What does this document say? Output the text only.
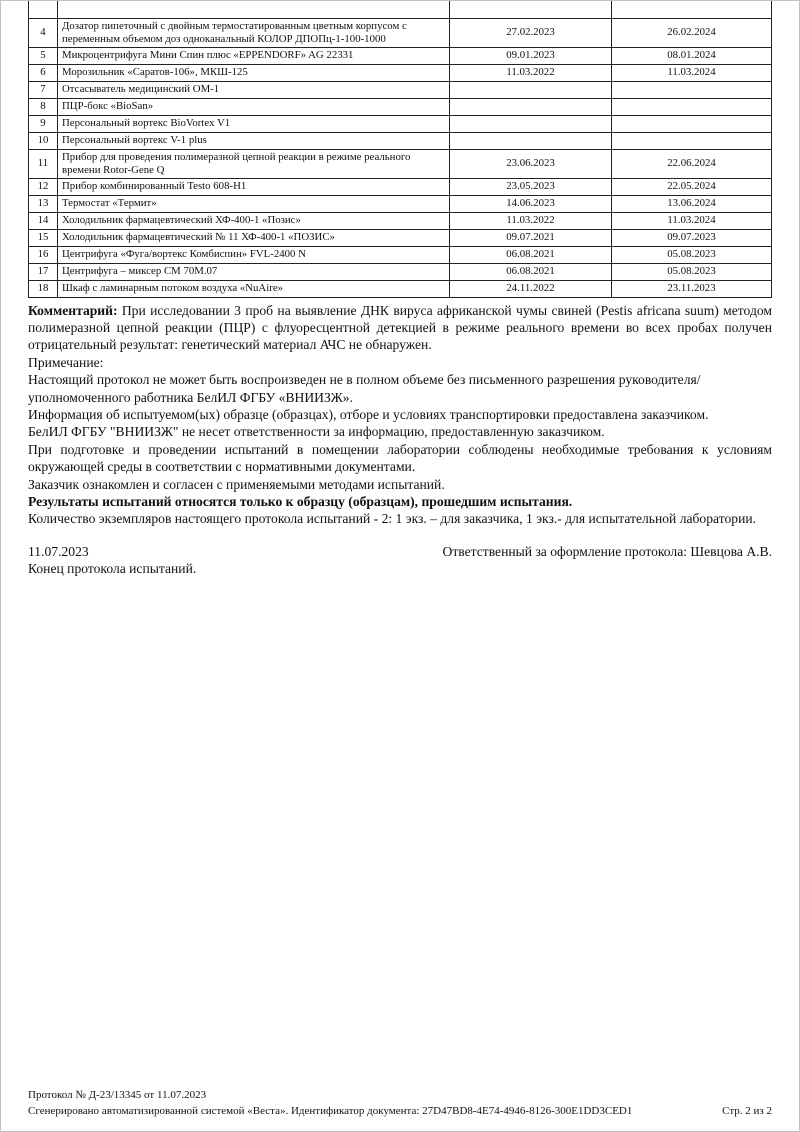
4	Дозатор пипеточный с двойным термостатированным цветным корпусом с переменным объемом доз одноканальный КОЛОР ДПОПц-1-100-1000	27.02.2023	26.02.2024
5	Микроцентрифуга Мини Спин плюс «EPPENDORF» AG 22331	09.01.2023	08.01.2024
6	Морозильник «Саратов-106», МКШ-125	11.03.2022	11.03.2024
7	Отсасыватель медицинский ОМ-1		
8	ПЦР-бокс «BioSan»		
9	Персональный вортекс BioVortex V1		
10	Персональный вортекс V-1 plus		
11	Прибор для проведения полимеразной цепной реакции в режиме реального времени Rotor-Gene Q	23.06.2023	22.06.2024
12	Прибор комбинированный Testo 608-Н1	23.05.2023	22.05.2024
13	Термостат «Термит»	14.06.2023	13.06.2024
14	Холодильник фармацевтический ХФ-400-1 «Позис»	11.03.2022	11.03.2024
15	Холодильник фармацевтический № 11 ХФ-400-1 «ПОЗИС»	09.07.2021	09.07.2023
16	Центрифуга «Фуга/вортекс Комбиспин» FVL-2400 N	06.08.2021	05.08.2023
17	Центрифуга – миксер СМ 70М.07	06.08.2021	05.08.2023
18	Шкаф с ламинарным потоком воздуха «NuAire»	24.11.2022	23.11.2023

Комментарий: При исследовании 3 проб на выявление ДНК вируса африканской чумы свиней (Pestis africana suum) методом полимеразной цепной реакции (ПЦР) с флуоресцентной детекцией в режиме реального времени во всех пробах получен отрицательный результат: генетический материал АЧС не обнаружен.

Примечание:

Настоящий протокол не может быть воспроизведен не в полном объеме без письменного разрешения руководителя/уполномоченного работника БелИЛ ФГБУ «ВНИИЗЖ».

Информация об испытуемом(ых) образце (образцах), отборе и условиях транспортировки предоставлена заказчиком.

БелИЛ ФГБУ "ВНИИЗЖ" не несет ответственности за информацию, предоставленную заказчиком.

При подготовке и проведении испытаний в помещении лаборатории соблюдены необходимые требования к условиям окружающей среды в соответствии с нормативными документами.

Заказчик ознакомлен и согласен с применяемыми методами испытаний.

Результаты испытаний относятся только к образцу (образцам), прошедшим испытания.

Количество экземпляров настоящего протокола испытаний - 2: 1 экз. – для заказчика, 1 экз.- для испытательной лаборатории.

11.07.2023	Ответственный за оформление протокола: Шевцова А.В.

Конец протокола испытаний.

Протокол № Д-23/13345 от 11.07.2023
Сгенерировано автоматизированной системой «Веста». Идентификатор документа: 27D47BD8-4E74-4946-8126-300E1DD3CED1	Стр. 2 из 2
